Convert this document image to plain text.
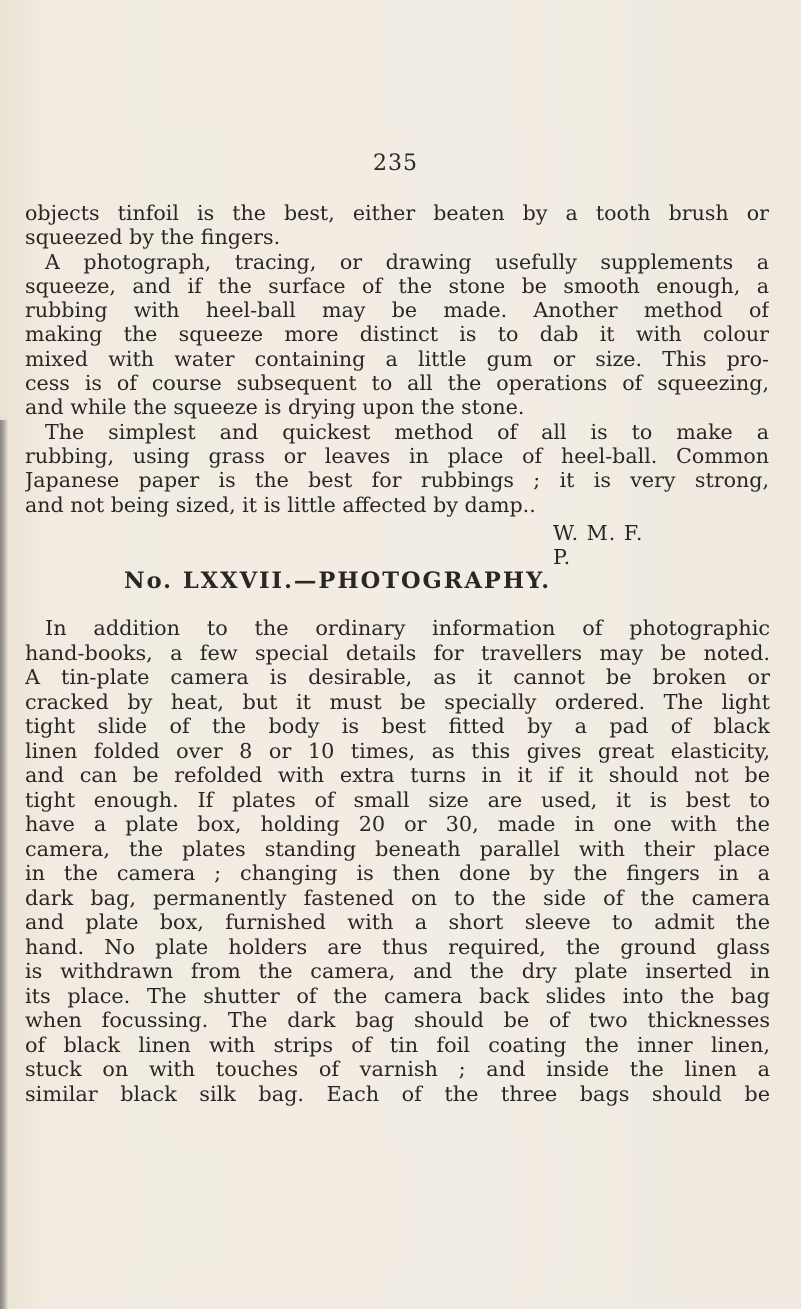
235
objects tinfoil is the best, either beaten by a tooth brush or
squeezed by the fingers.
A photograph, tracing, or drawing usefully supplements a
squeeze, and if the surface of the stone be smooth enough, a
rubbing with heel-ball may be made. Another method of
making the squeeze more distinct is to dab it with colour
mixed with water containing a little gum or size. This pro-
cess is of course subsequent to all the operations of squeezing,
and while the squeeze is drying upon the stone.
The simplest and quickest method of all is to make a
rubbing, using grass or leaves in place of heel-ball. Common
Japanese paper is the best for rubbings ; it is very strong,
and not being sized, it is little affected by damp..
W. M. F. P.
No. LXXVII.—PHOTOGRAPHY.
In addition to the ordinary information of photographic
hand-books, a few special details for travellers may be noted.
A tin-plate camera is desirable, as it cannot be broken or
cracked by heat, but it must be specially ordered. The light
tight slide of the body is best fitted by a pad of black
linen folded over 8 or 10 times, as this gives great elasticity,
and can be refolded with extra turns in it if it should not be
tight enough. If plates of small size are used, it is best to
have a plate box, holding 20 or 30, made in one with the
camera, the plates standing beneath parallel with their place
in the camera ; changing is then done by the fingers in a
dark bag, permanently fastened on to the side of the camera
and plate box, furnished with a short sleeve to admit the
hand. No plate holders are thus required, the ground glass
is withdrawn from the camera, and the dry plate inserted in
its place. The shutter of the camera back slides into the bag
when focussing. The dark bag should be of two thicknesses
of black linen with strips of tin foil coating the inner linen,
stuck on with touches of varnish ; and inside the linen a
similar black silk bag. Each of the three bags should be
